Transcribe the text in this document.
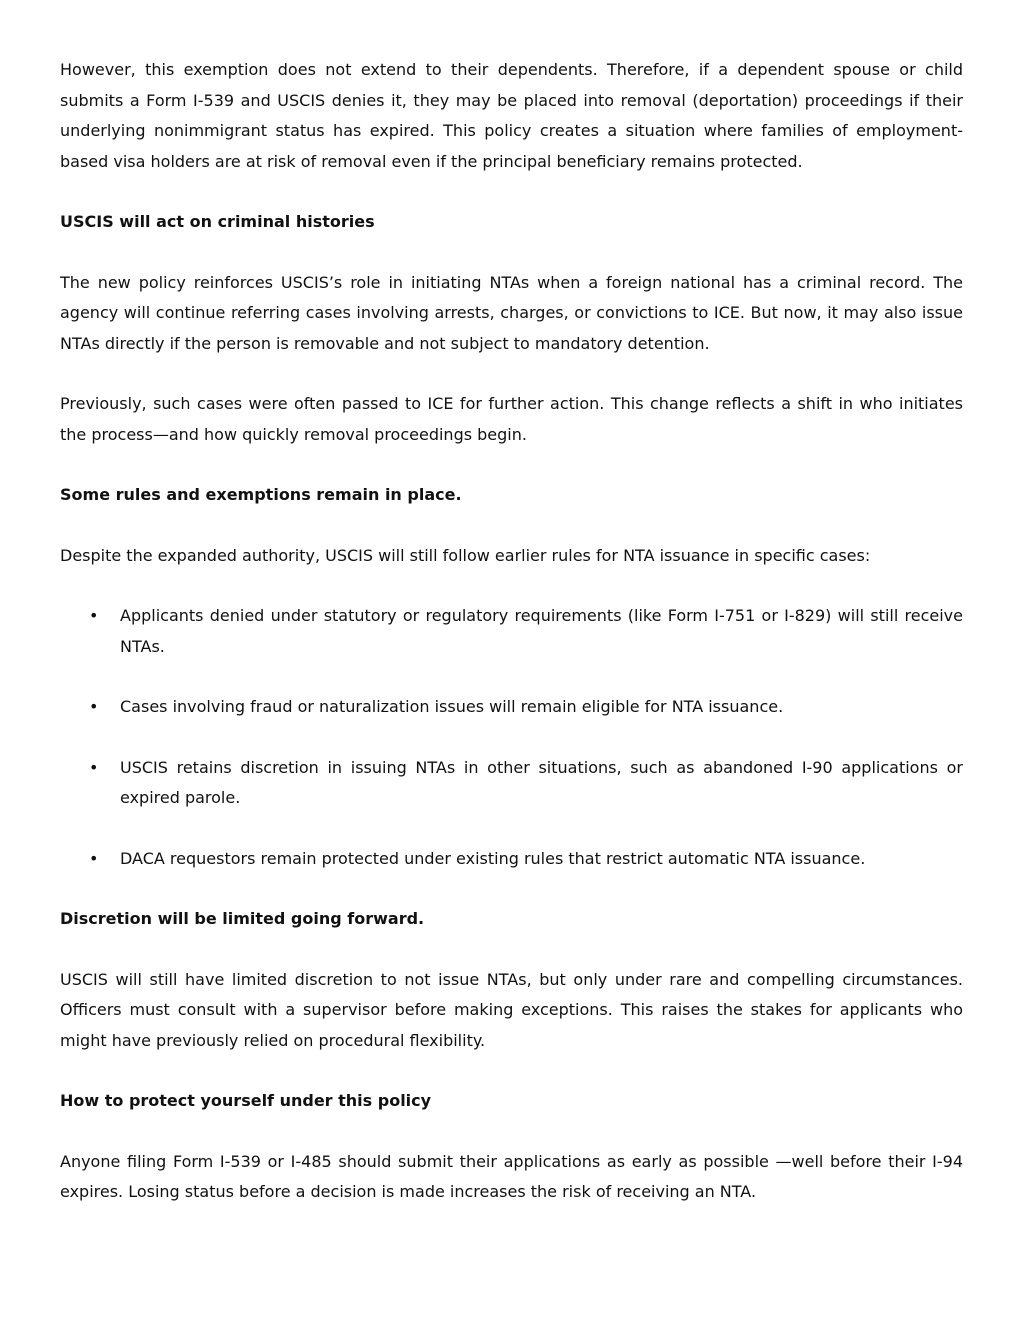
However, this exemption does not extend to their dependents. Therefore, if a dependent spouse or child submits a Form I-539 and USCIS denies it, they may be placed into removal (deportation) proceedings if their underlying nonimmigrant status has expired. This policy creates a situation where families of employment-based visa holders are at risk of removal even if the principal beneficiary remains protected.

USCIS will act on criminal histories

The new policy reinforces USCIS’s role in initiating NTAs when a foreign national has a criminal record. The agency will continue referring cases involving arrests, charges, or convictions to ICE. But now, it may also issue NTAs directly if the person is removable and not subject to mandatory detention.

Previously, such cases were often passed to ICE for further action. This change reflects a shift in who initiates the process—and how quickly removal proceedings begin.

Some rules and exemptions remain in place.

Despite the expanded authority, USCIS will still follow earlier rules for NTA issuance in specific cases:

• Applicants denied under statutory or regulatory requirements (like Form I-751 or I-829) will still receive NTAs.
• Cases involving fraud or naturalization issues will remain eligible for NTA issuance.
• USCIS retains discretion in issuing NTAs in other situations, such as abandoned I-90 applications or expired parole.
• DACA requestors remain protected under existing rules that restrict automatic NTA issuance.
Discretion will be limited going forward.

USCIS will still have limited discretion to not issue NTAs, but only under rare and compelling circumstances. Officers must consult with a supervisor before making exceptions. This raises the stakes for applicants who might have previously relied on procedural flexibility.

How to protect yourself under this policy

Anyone filing Form I-539 or I-485 should submit their applications as early as possible —well before their I-94 expires. Losing status before a decision is made increases the risk of receiving an NTA.
